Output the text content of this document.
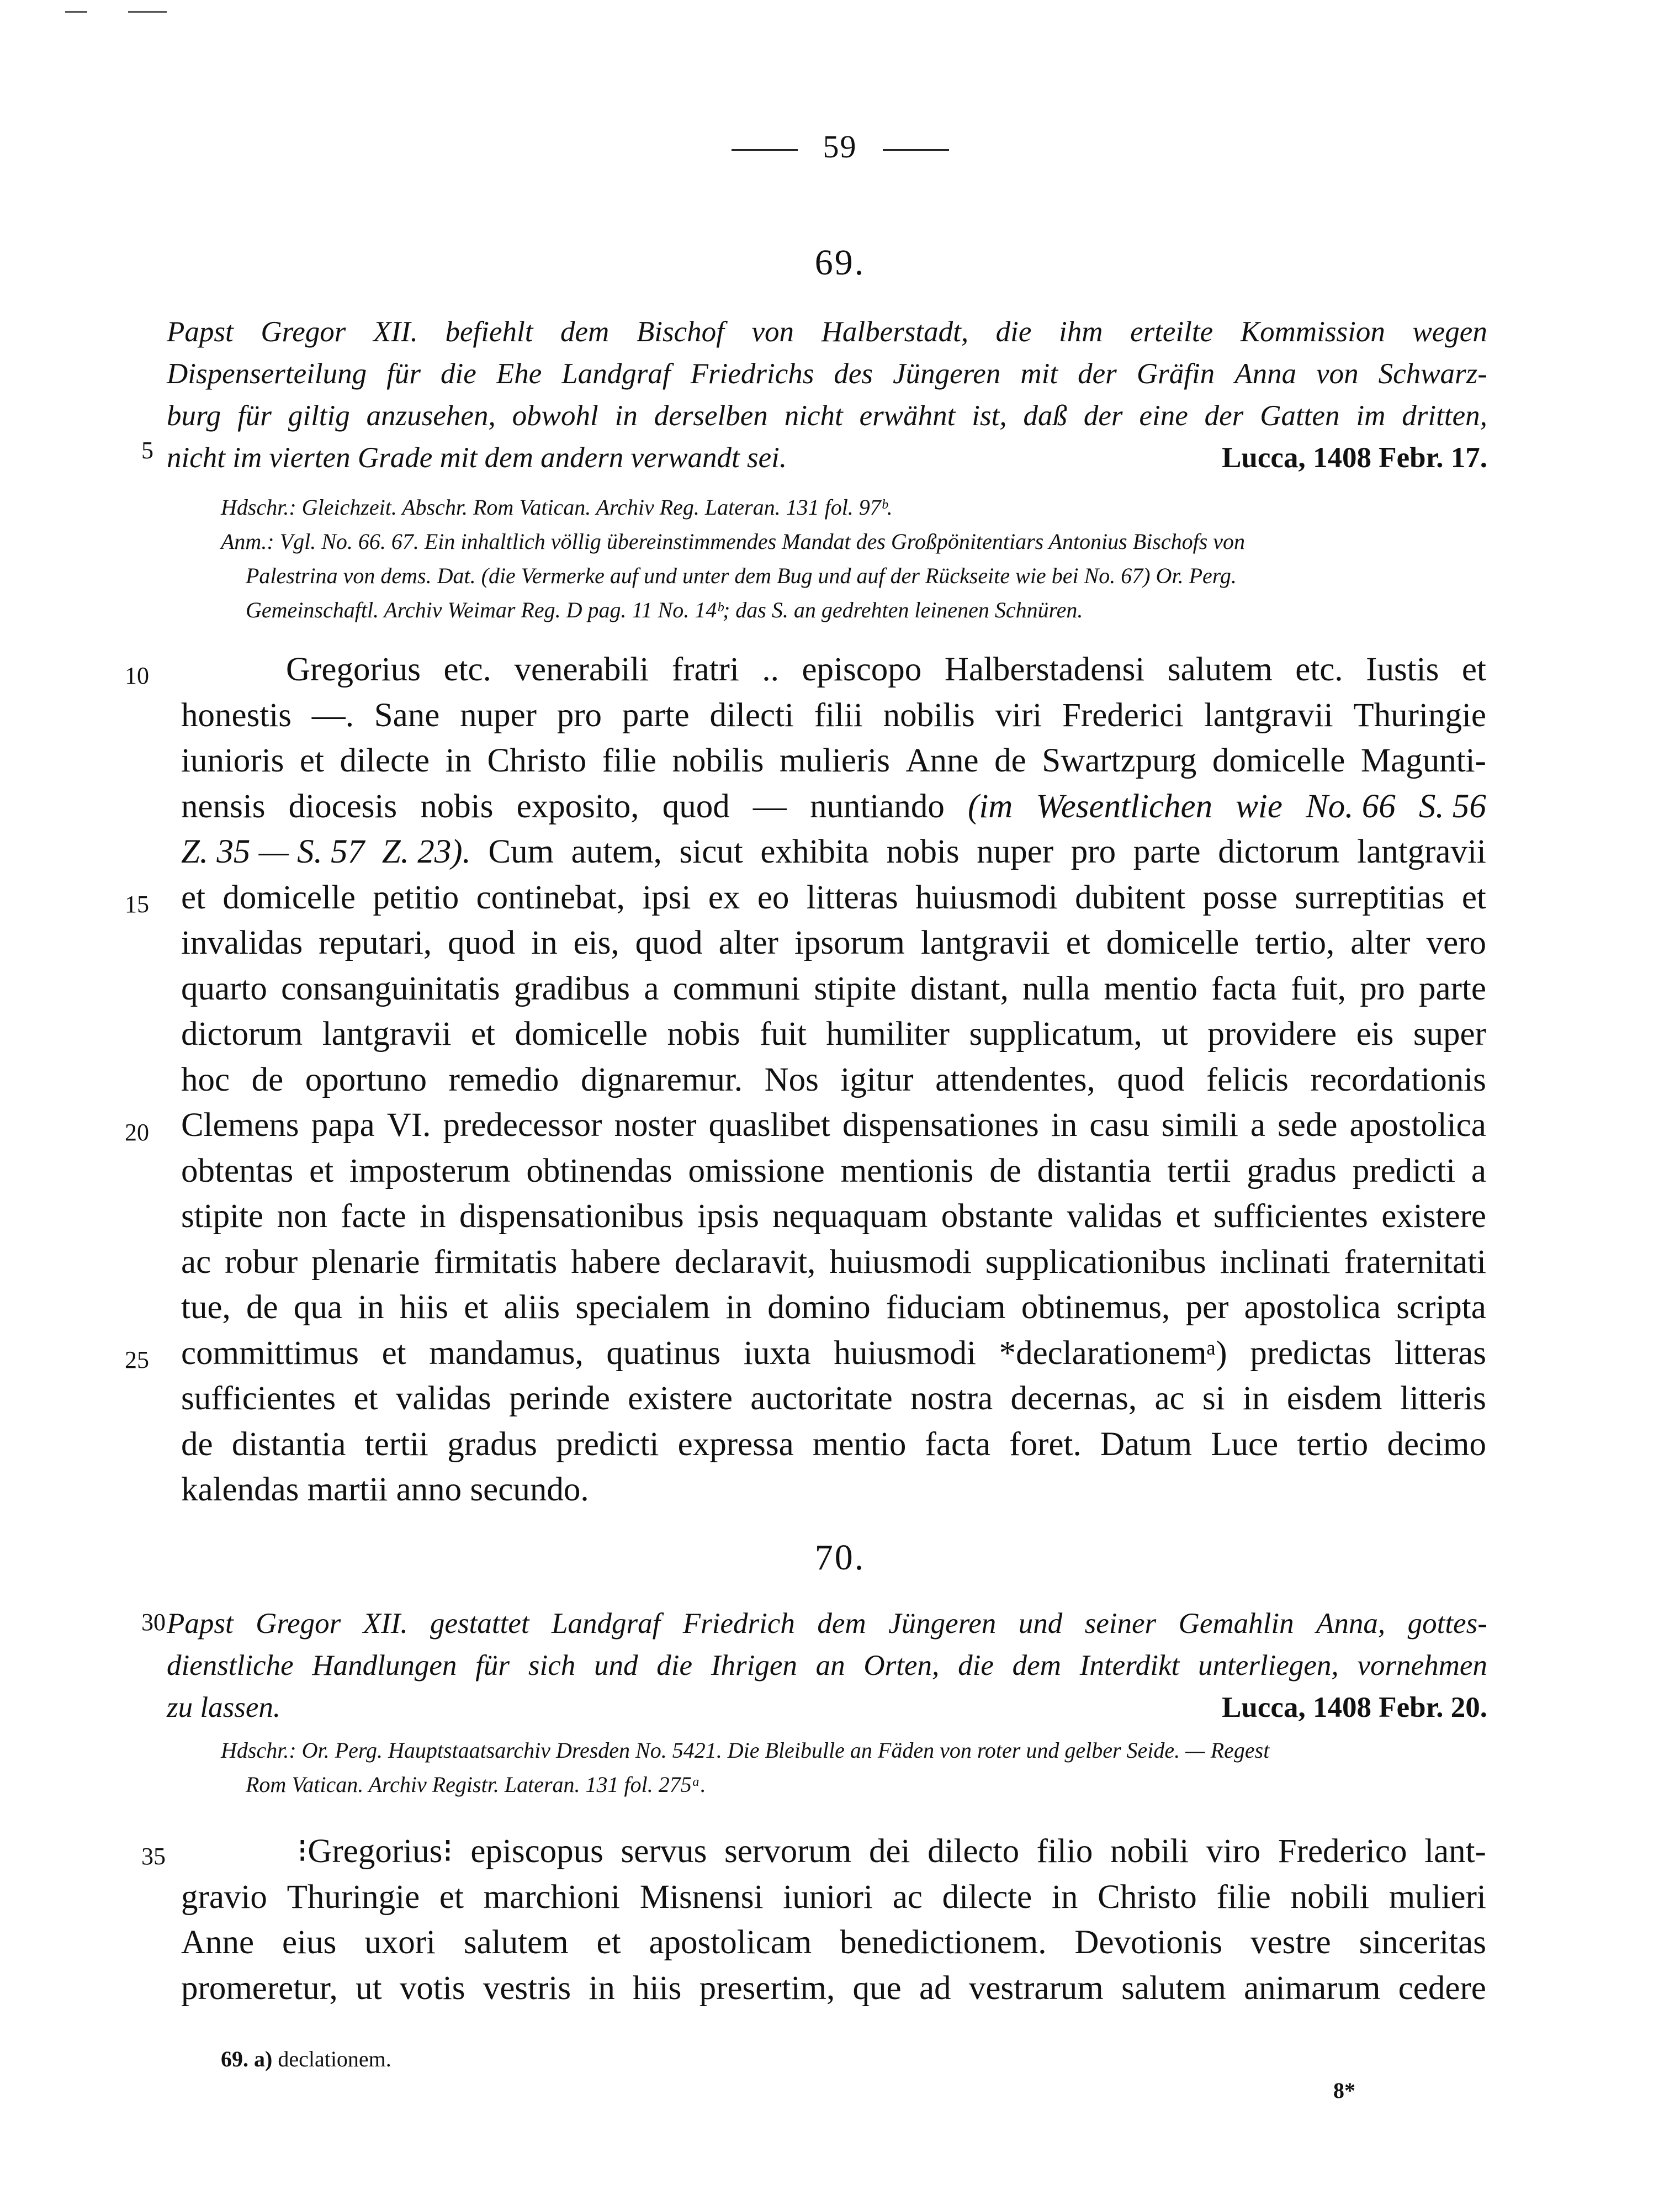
59
69.
Papst Gregor XII. befiehlt dem Bischof von Halberstadt, die ihm erteilte Kommission wegen
Dispenserteilung für die Ehe Landgraf Friedrichs des Jüngeren mit der Gräfin Anna von Schwarz-
burg für giltig anzusehen, obwohl in derselben nicht erwähnt ist, daß der eine der Gatten im dritten,
nicht im vierten Grade mit dem andern verwandt sei.	Lucca, 1408 Febr. 17.
Hdschr.: Gleichzeit. Abschr. Rom Vatican. Archiv Reg. Lateran. 131 fol. 97ᵇ.
Anm.: Vgl. No. 66. 67. Ein inhaltlich völlig übereinstimmendes Mandat des Großpönitentiars Antonius Bischofs von
Palestrina von dems. Dat. (die Vermerke auf und unter dem Bug und auf der Rückseite wie bei No. 67) Or. Perg.
Gemeinschaftl. Archiv Weimar Reg. D pag. 11 No. 14ᵇ; das S. an gedrehten leinenen Schnüren.
Gregorius etc. venerabili fratri .. episcopo Halberstadensi salutem etc. Iustis et
honestis —. Sane nuper pro parte dilecti filii nobilis viri Frederici lantgravii Thuringie
iunioris et dilecte in Christo filie nobilis mulieris Anne de Swartzpurg domicelle Magunti-
nensis diocesis nobis exposito, quod — nuntiando (im Wesentlichen wie No. 66 S. 56
Z. 35 — S. 57 Z. 23). Cum autem, sicut exhibita nobis nuper pro parte dictorum lantgravii
et domicelle petitio continebat, ipsi ex eo litteras huiusmodi dubitent posse surreptitias et
invalidas reputari, quod in eis, quod alter ipsorum lantgravii et domicelle tertio, alter vero
quarto consanguinitatis gradibus a communi stipite distant, nulla mentio facta fuit, pro parte
dictorum lantgravii et domicelle nobis fuit humiliter supplicatum, ut providere eis super
hoc de oportuno remedio dignaremur. Nos igitur attendentes, quod felicis recordationis
Clemens papa VI. predecessor noster quaslibet dispensationes in casu simili a sede apostolica
obtentas et imposterum obtinendas omissione mentionis de distantia tertii gradus predicti a
stipite non facte in dispensationibus ipsis nequaquam obstante validas et sufficientes existere
ac robur plenarie firmitatis habere declaravit, huiusmodi supplicationibus inclinati fraternitati
tue, de qua in hiis et aliis specialem in domino fiduciam obtinemus, per apostolica scripta
committimus et mandamus, quatinus iuxta huiusmodi *declarationemᵃ) predictas litteras
sufficientes et validas perinde existere auctoritate nostra decernas, ac si in eisdem litteris
de distantia tertii gradus predicti expressa mentio facta foret. Datum Luce tertio decimo
kalendas martii anno secundo.
70.
Papst Gregor XII. gestattet Landgraf Friedrich dem Jüngeren und seiner Gemahlin Anna, gottes-
dienstliche Handlungen für sich und die Ihrigen an Orten, die dem Interdikt unterliegen, vornehmen
zu lassen.	Lucca, 1408 Febr. 20.
Hdschr.: Or. Perg. Hauptstaatsarchiv Dresden No. 5421. Die Bleibulle an Fäden von roter und gelber Seide. — Regest
Rom Vatican. Archiv Registr. Lateran. 131 fol. 275ᵃ.
⁝Gregorius⁝ episcopus servus servorum dei dilecto filio nobili viro Frederico lant-
gravio Thuringie et marchioni Misnensi iuniori ac dilecte in Christo filie nobili mulieri
Anne eius uxori salutem et apostolicam benedictionem. Devotionis vestre sinceritas
promeretur, ut votis vestris in hiis presertim, que ad vestrarum salutem animarum cedere
5
10
15
20
25
30
35
69. a) declationem.
8*
